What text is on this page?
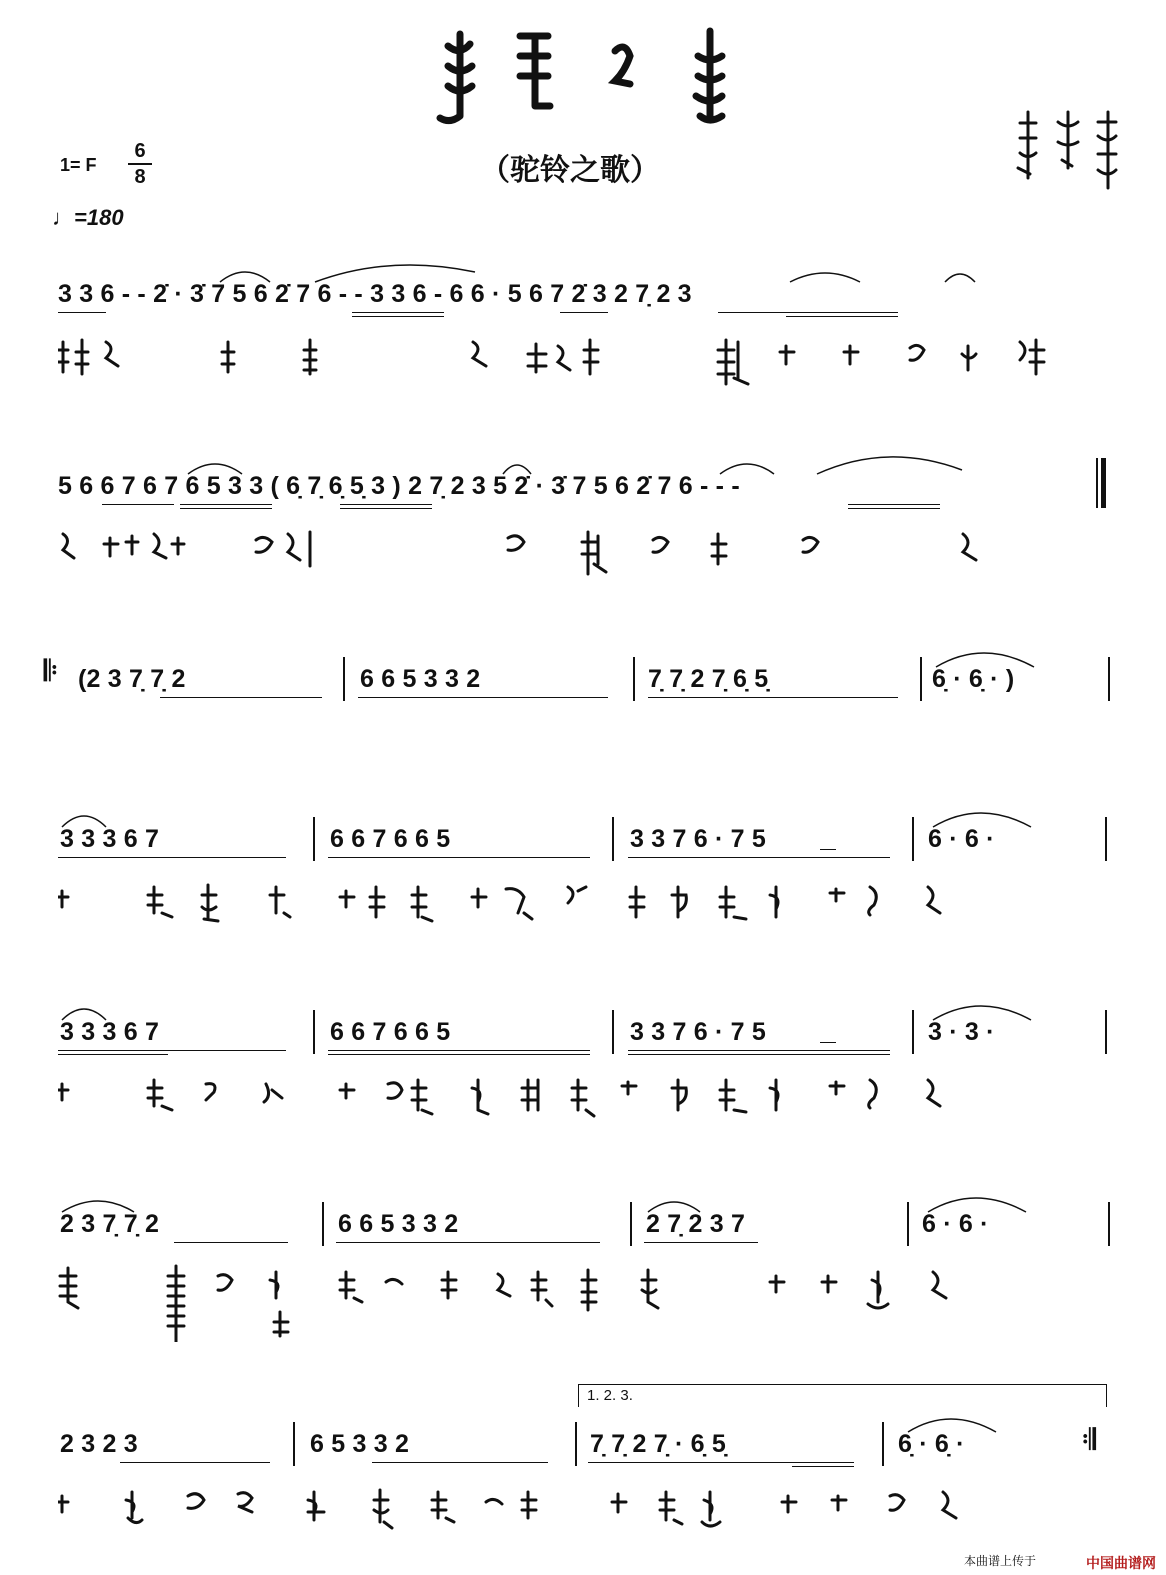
（驼铃之歌）
1= F
6
8
♩=180
3 3 6 - - 2̇ · 3̇ 7 5 6 2̇ 7 6 - - 3 3 6 - 6 6 · 5 6 7 2̇ 3 2 7̣ 2 3
5 6 6 7 6 7 6 5 3 3 ( 6̣ 7̣ 6̣ 5̣ 3 ) 2 7̣ 2 3 5 2̇ · 3̇ 7 5 6 2̇ 7 6 - - -
𝄆 (2 3 7̣ 7̣ 2	6 6 5 3 3 2	7̣ 7̣ 2 7̣ 6̣ 5̣	6̣ · 6̣ · )
3 3 3 6 7	6 6 7 6 6 5	3 3 7 6 · 7 5	6 · 6 ·
3 3 3 6 7	6 6 7 6 6 5	3 3 7 6 · 7 5	3 · 3 ·
2 3 7̣ 7̣ 2	6 6 5 3 3 2	2 7̣ 2 3 7	6 · 6 ·
1. 2. 3.
2 3 2 3	6 5 3 3 2	7̣ 7̣ 2 7̣ · 6̣ 5̣	6̣ · 6̣ ·	𝄇
本曲谱上传于	中国曲谱网
